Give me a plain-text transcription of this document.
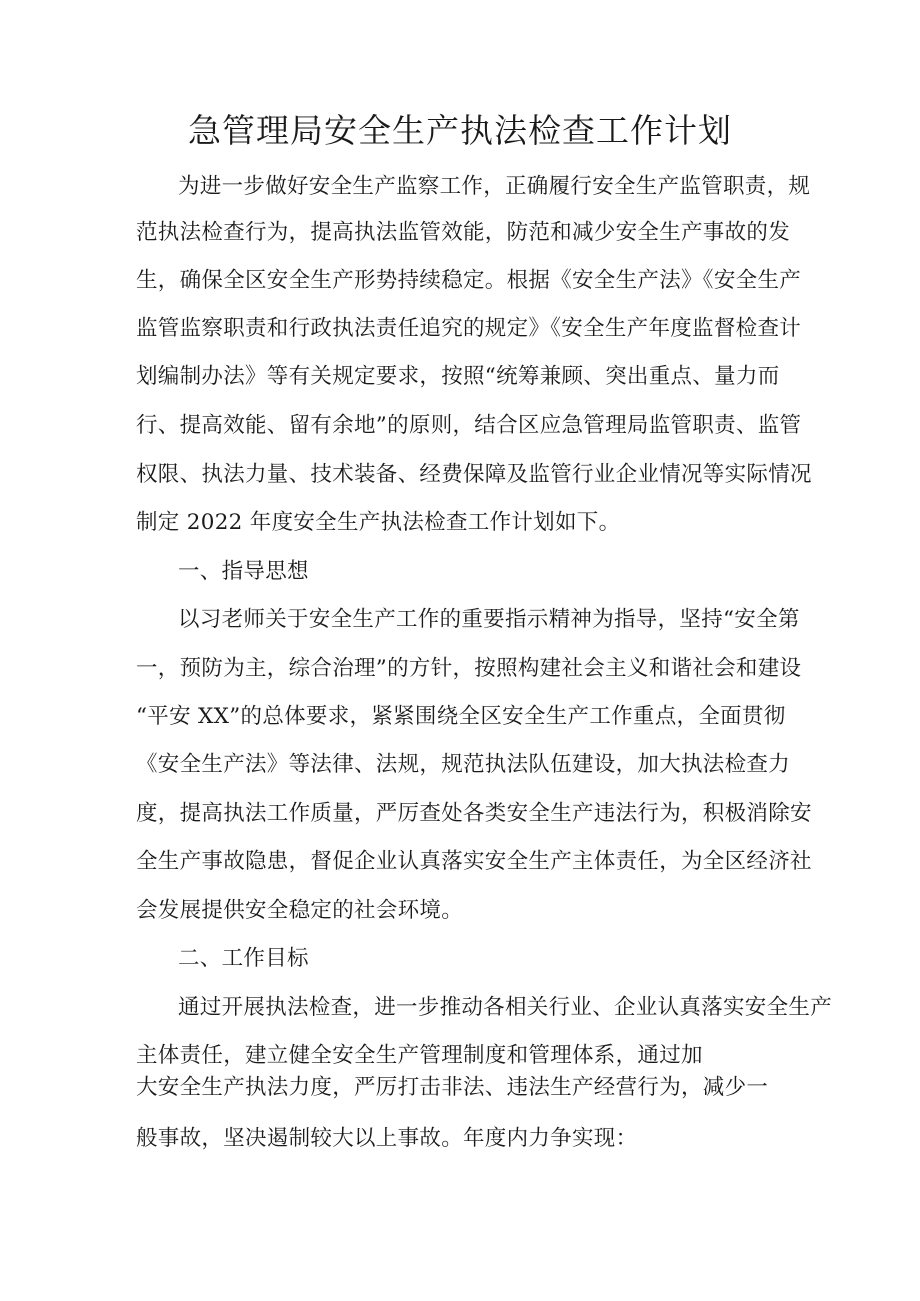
急管理局安全生产执法检查工作计划
为进一步做好安全生产监察工作，正确履行安全生产监管职责，规
范执法检查行为，提高执法监管效能，防范和减少安全生产事故的发
生，确保全区安全生产形势持续稳定。根据《安全生产法》《安全生产
监管监察职责和行政执法责任追究的规定》《安全生产年度监督检查计
划编制办法》等有关规定要求，按照“统筹兼顾、突出重点、量力而
行、提高效能、留有余地”的原则，结合区应急管理局监管职责、监管
权限、执法力量、技术装备、经费保障及监管行业企业情况等实际情况
制定 2022 年度安全生产执法检查工作计划如下。
一、指导思想
以习老师关于安全生产工作的重要指示精神为指导，坚持“安全第
一，预防为主，综合治理”的方针，按照构建社会主义和谐社会和建设
“平安 XX”的总体要求，紧紧围绕全区安全生产工作重点，全面贯彻
《安全生产法》等法律、法规，规范执法队伍建设，加大执法检查力
度，提高执法工作质量，严厉查处各类安全生产违法行为，积极消除安
全生产事故隐患，督促企业认真落实安全生产主体责任，为全区经济社
会发展提供安全稳定的社会环境。
二、工作目标
通过开展执法检查，进一步推动各相关行业、企业认真落实安全生产
主体责任，建立健全安全生产管理制度和管理体系，通过加
大安全生产执法力度，严厉打击非法、违法生产经营行为，减少一
般事故，坚决遏制较大以上事故。年度内力争实现：
